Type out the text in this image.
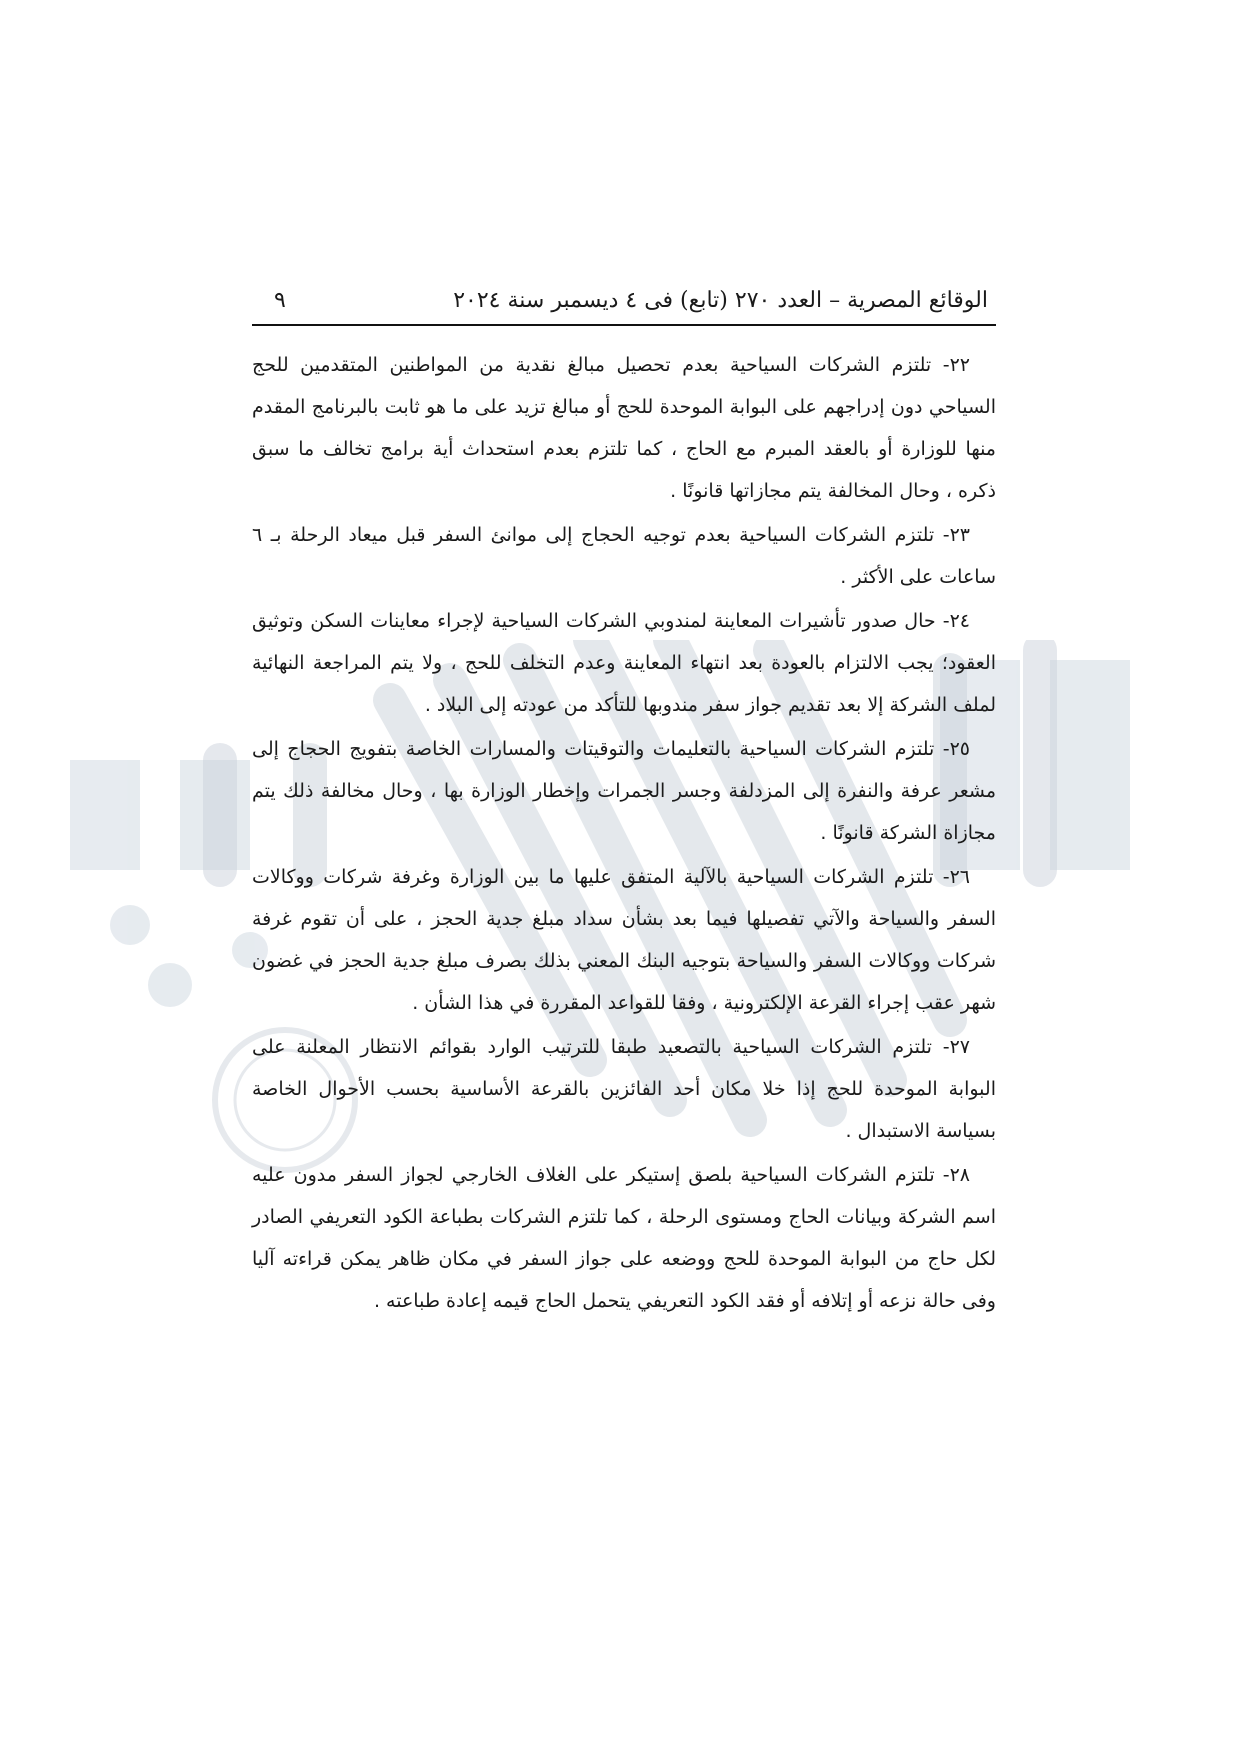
الوقائع المصرية – العدد ٢٧٠ (تابع) فى ٤ ديسمبر سنة ٢٠٢٤
٩

٢٢- تلتزم الشركات السياحية بعدم تحصيل مبالغ نقدية من المواطنين المتقدمين للحج السياحي دون إدراجهم على البوابة الموحدة للحج أو مبالغ تزيد على ما هو ثابت بالبرنامج المقدم منها للوزارة أو بالعقد المبرم مع الحاج ، كما تلتزم بعدم استحداث أية برامج تخالف ما سبق ذكره ، وحال المخالفة يتم مجازاتها قانونًا .

٢٣- تلتزم الشركات السياحية بعدم توجيه الحجاج إلى موانئ السفر قبل ميعاد الرحلة بـ ٦ ساعات على الأكثر .

٢٤- حال صدور تأشيرات المعاينة لمندوبي الشركات السياحية لإجراء معاينات السكن وتوثيق العقود؛ يجب الالتزام بالعودة بعد انتهاء المعاينة وعدم التخلف للحج ، ولا يتم المراجعة النهائية لملف الشركة إلا بعد تقديم جواز سفر مندوبها للتأكد من عودته إلى البلاد .

٢٥- تلتزم الشركات السياحية بالتعليمات والتوقيتات والمسارات الخاصة بتفويج الحجاج إلى مشعر عرفة والنفرة إلى المزدلفة وجسر الجمرات وإخطار الوزارة بها ، وحال مخالفة ذلك يتم مجازاة الشركة قانونًا .

٢٦- تلتزم الشركات السياحية بالآلية المتفق عليها ما بين الوزارة وغرفة شركات ووكالات السفر والسياحة والآتي تفصيلها فيما بعد بشأن سداد مبلغ جدية الحجز ، على أن تقوم غرفة شركات ووكالات السفر والسياحة بتوجيه البنك المعني بذلك بصرف مبلغ جدية الحجز في غضون شهر عقب إجراء القرعة الإلكترونية ، وفقا للقواعد المقررة في هذا الشأن .

٢٧- تلتزم الشركات السياحية بالتصعيد طبقا للترتيب الوارد بقوائم الانتظار المعلنة على البوابة الموحدة للحج إذا خلا مكان أحد الفائزين بالقرعة الأساسية بحسب الأحوال الخاصة بسياسة الاستبدال .

٢٨- تلتزم الشركات السياحية بلصق إستيكر على الغلاف الخارجي لجواز السفر مدون عليه اسم الشركة وبيانات الحاج ومستوى الرحلة ، كما تلتزم الشركات بطباعة الكود التعريفي الصادر لكل حاج من البوابة الموحدة للحج ووضعه على جواز السفر في مكان ظاهر يمكن قراءته آليا وفى حالة نزعه أو إتلافه أو فقد الكود التعريفي يتحمل الحاج قيمه إعادة طباعته .
